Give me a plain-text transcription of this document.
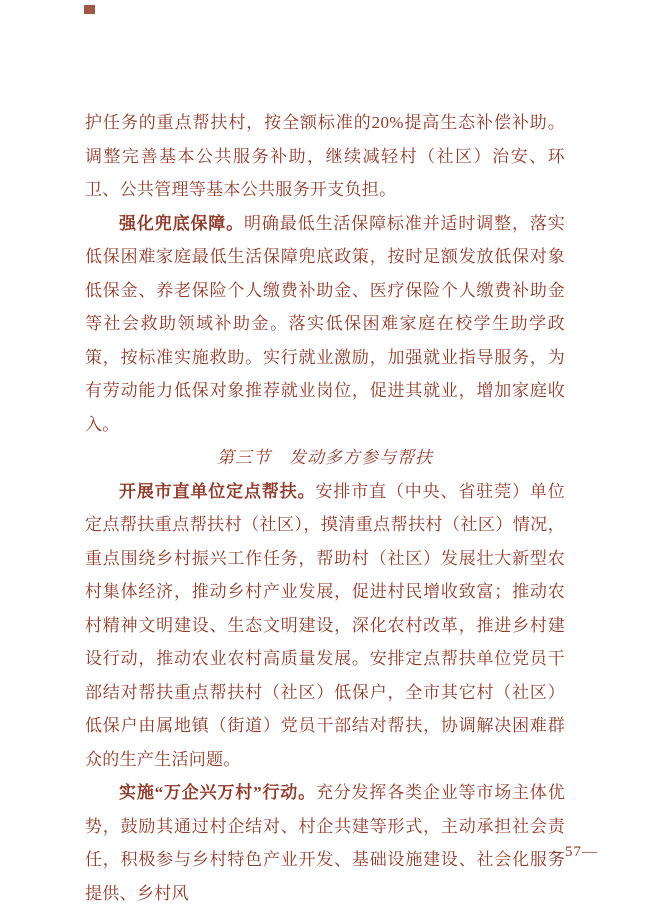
护任务的重点帮扶村，按全额标准的20%提高生态补偿补助。调整完善基本公共服务补助，继续减轻村（社区）治安、环卫、公共管理等基本公共服务开支负担。

强化兜底保障。明确最低生活保障标准并适时调整，落实低保困难家庭最低生活保障兜底政策，按时足额发放低保对象低保金、养老保险个人缴费补助金、医疗保险个人缴费补助金等社会救助领域补助金。落实低保困难家庭在校学生助学政策，按标准实施救助。实行就业激励，加强就业指导服务，为有劳动能力低保对象推荐就业岗位，促进其就业，增加家庭收入。

第三节　发动多方参与帮扶

开展市直单位定点帮扶。安排市直（中央、省驻莞）单位定点帮扶重点帮扶村（社区），摸清重点帮扶村（社区）情况，重点围绕乡村振兴工作任务，帮助村（社区）发展壮大新型农村集体经济，推动乡村产业发展，促进村民增收致富；推动农村精神文明建设、生态文明建设，深化农村改革，推进乡村建设行动，推动农业农村高质量发展。安排定点帮扶单位党员干部结对帮扶重点帮扶村（社区）低保户，全市其它村（社区）低保户由属地镇（街道）党员干部结对帮扶，协调解决困难群众的生产生活问题。

实施“万企兴万村”行动。充分发挥各类企业等市场主体优势，鼓励其通过村企结对、村企共建等形式，主动承担社会责任，积极参与乡村特色产业开发、基础设施建设、社会化服务提供、乡村风

—57—
